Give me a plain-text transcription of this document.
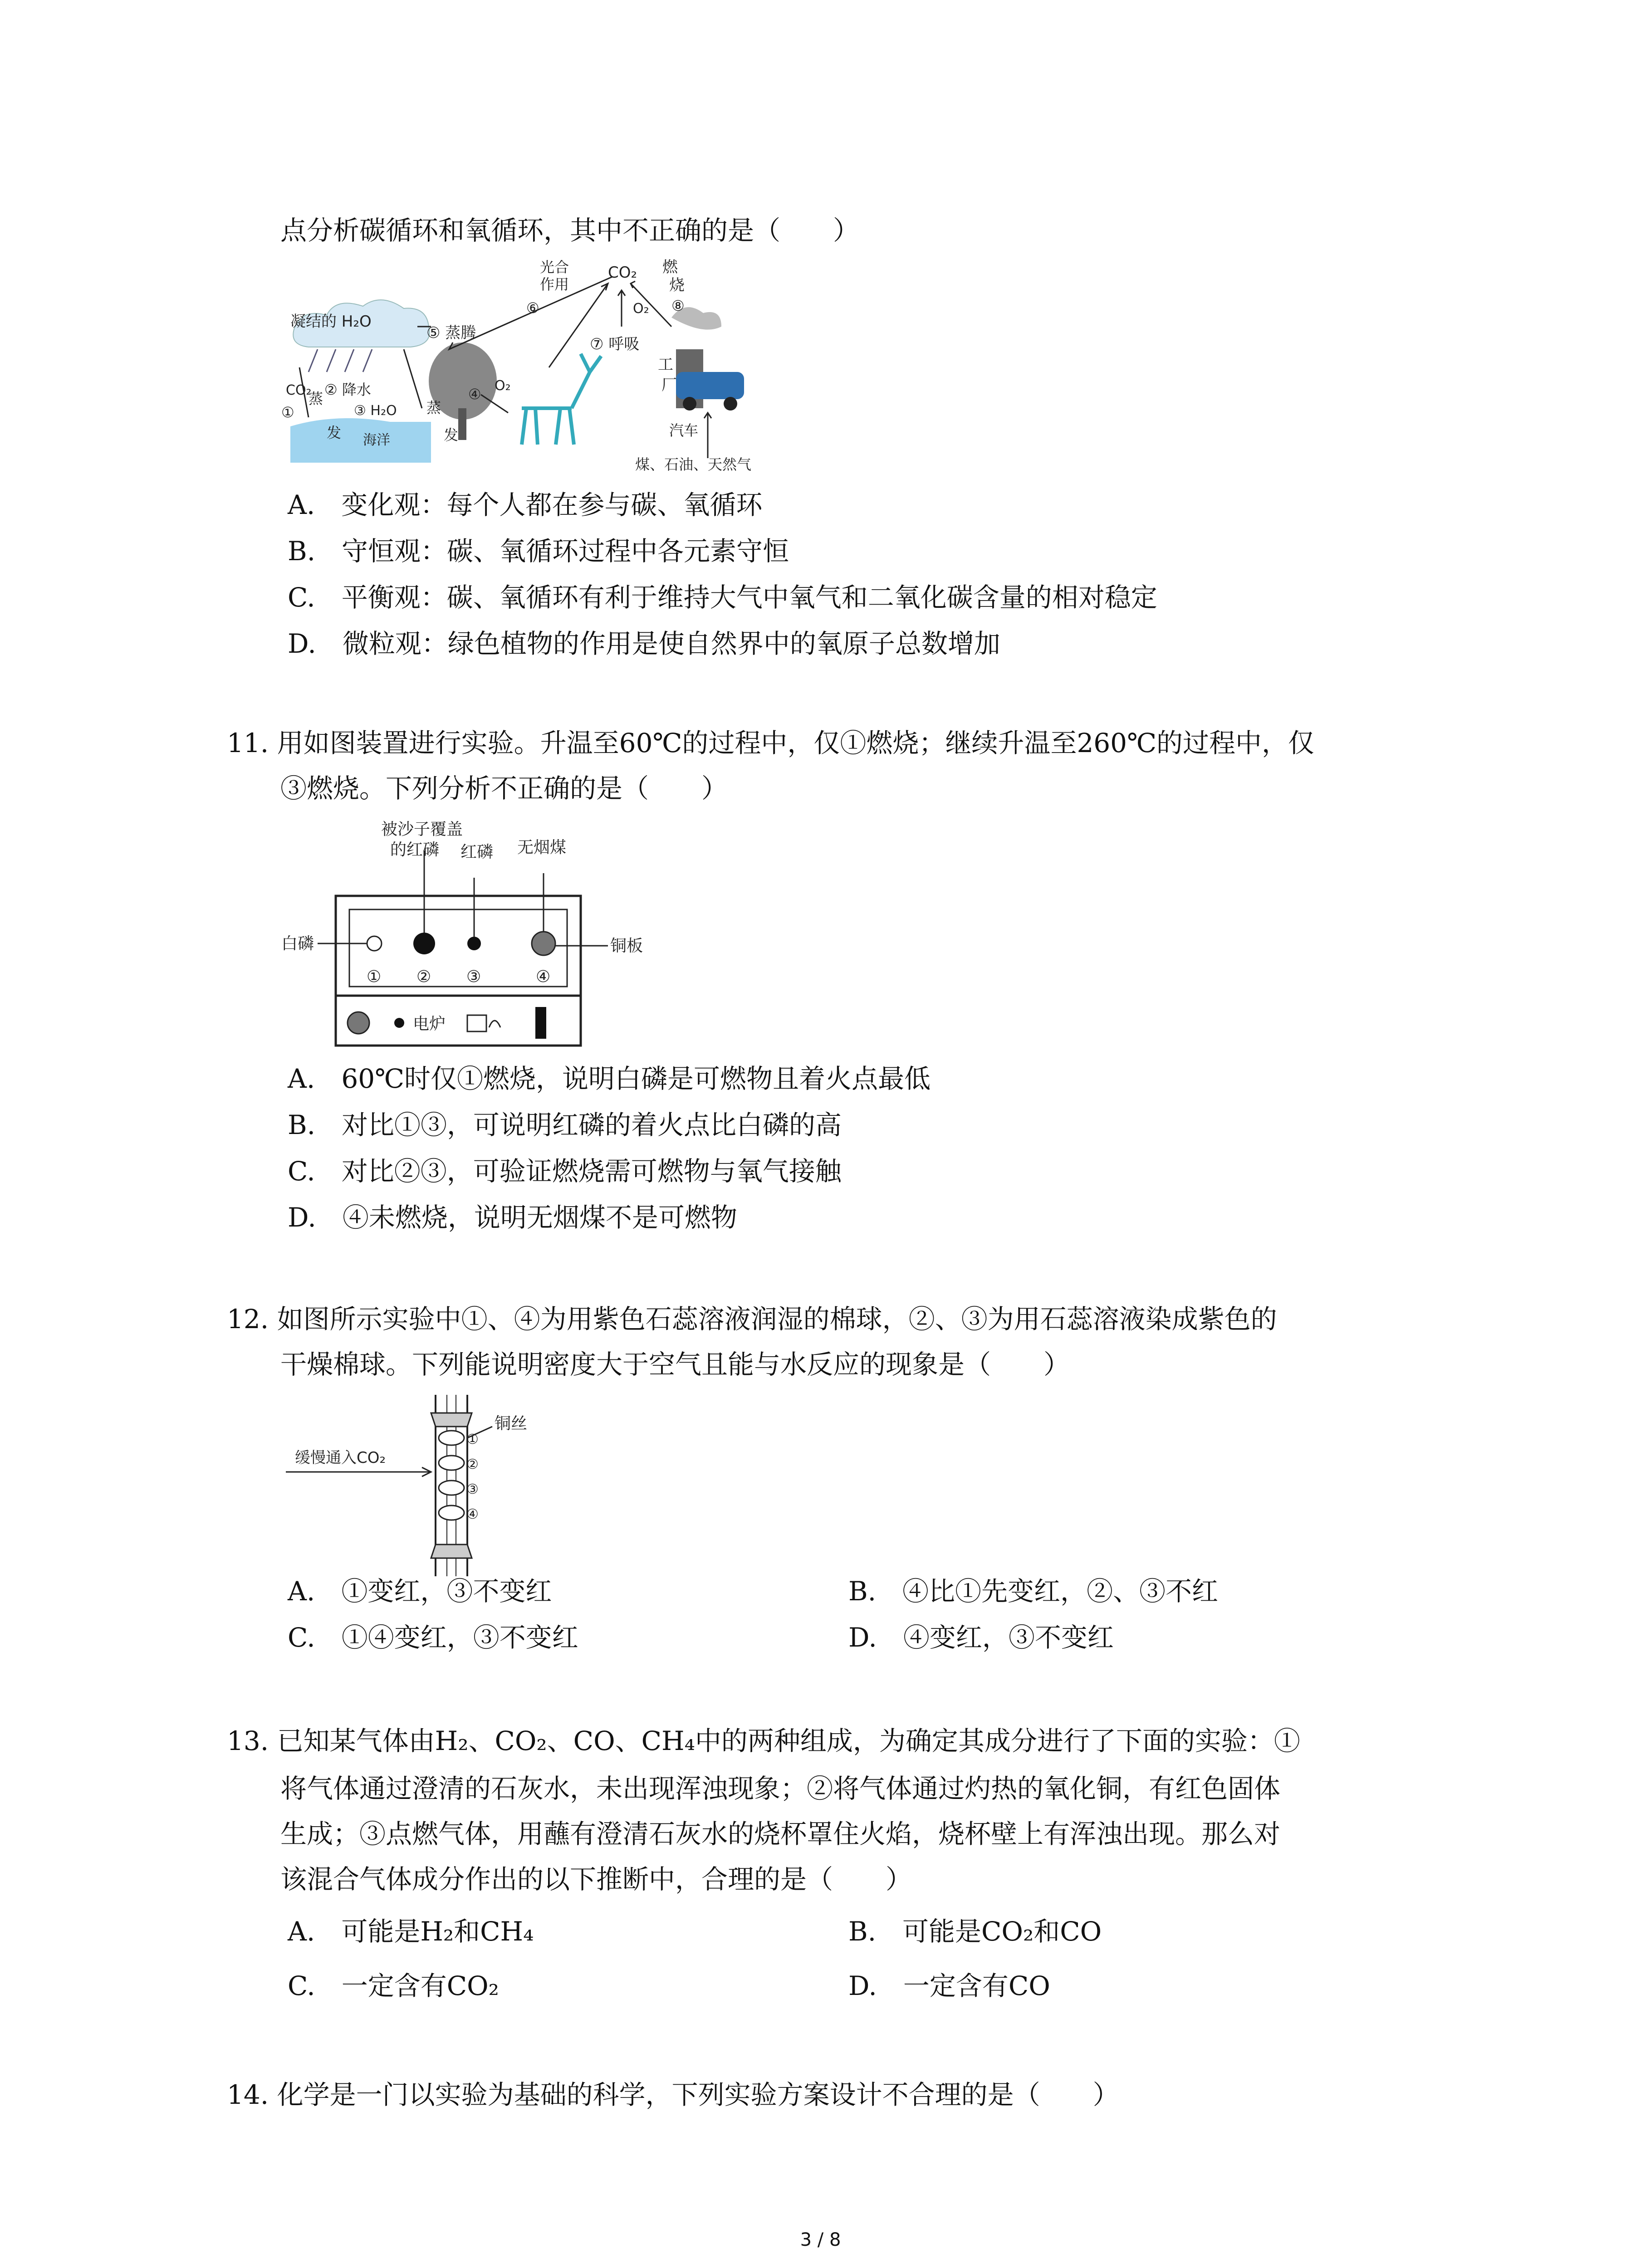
点分析碳循环和氧循环，其中不正确的是（　　）
CO₂
光合
作用
燃
烧
⑥	⑧
O₂
O₂
⑦ 呼吸
工
厂
汽车
煤、石油、天然气
凝结的 H₂O
⑤ 蒸腾
CO₂
①
② 降水
③ H₂O
蒸
发 海洋
④
蒸
发
A.　变化观：每个人都在参与碳、氧循环
B.　守恒观：碳、氧循环过程中各元素守恒
C.　平衡观：碳、氧循环有利于维持大气中氧气和二氧化碳含量的相对稳定
D.　微粒观：绿色植物的作用是使自然界中的氧原子总数增加
11. 用如图装置进行实验。升温至60℃的过程中，仅①燃烧；继续升温至260℃的过程中，仅
③燃烧。下列分析不正确的是（　　）
被沙子覆盖
的红磷 红磷 无烟煤
白磷	铜板
① ② ③	④
电炉
A.　60℃时仅①燃烧，说明白磷是可燃物且着火点最低
B.　对比①③，可说明红磷的着火点比白磷的高
C.　对比②③，可验证燃烧需可燃物与氧气接触
D.　④未燃烧，说明无烟煤不是可燃物
12. 如图所示实验中①、④为用紫色石蕊溶液润湿的棉球，②、③为用石蕊溶液染成紫色的
干燥棉球。下列能说明密度大于空气且能与水反应的现象是（　　）
缓慢通入CO₂
铜丝
①
②
③
④
A.　①变红，③不变红	B.　④比①先变红，②、③不红
C.　①④变红，③不变红	D.　④变红，③不变红
13. 已知某气体由H₂、CO₂、CO、CH₄中的两种组成，为确定其成分进行了下面的实验：①
将气体通过澄清的石灰水，未出现浑浊现象；②将气体通过灼热的氧化铜，有红色固体
生成；③点燃气体，用蘸有澄清石灰水的烧杯罩住火焰，烧杯壁上有浑浊出现。那么对
该混合气体成分作出的以下推断中，合理的是（　　）
A.　可能是H₂和CH₄	B.　可能是CO₂和CO
C.　一定含有CO₂	D.　一定含有CO
14. 化学是一门以实验为基础的科学，下列实验方案设计不合理的是（　　）
3 / 8
